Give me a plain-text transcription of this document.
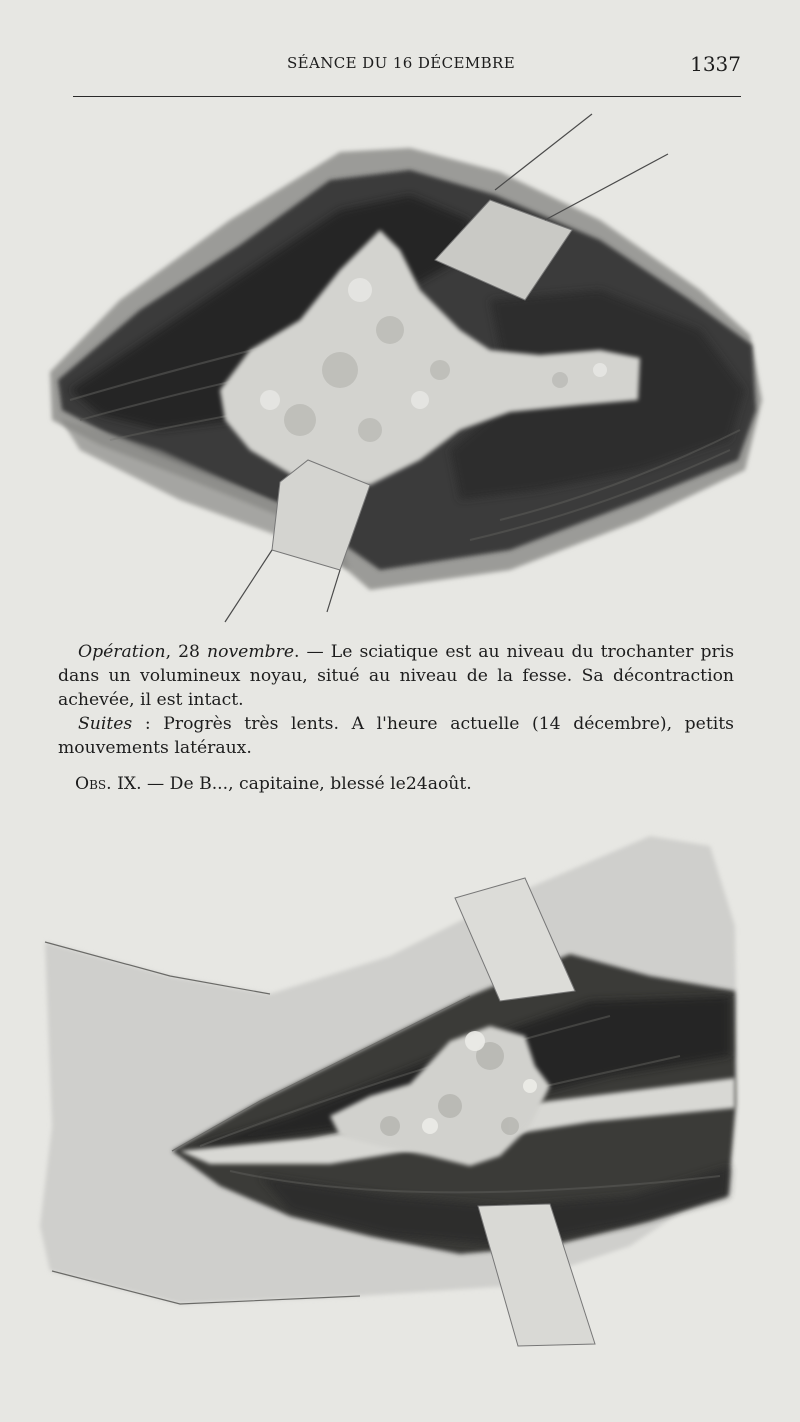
SÉANCE DU 16 DÉCEMBRE	1337

Opération, 28 novembre. — Le sciatique est au niveau du trochanter pris dans un volumineux noyau, situé au niveau de la fesse. Sa décontraction achevée, il est intact.

Suites : Progrès très lents. A l'heure actuelle (14 décembre), petits mouvements latéraux.

Obs. IX. — De B..., capitaine, blessé le24août.
